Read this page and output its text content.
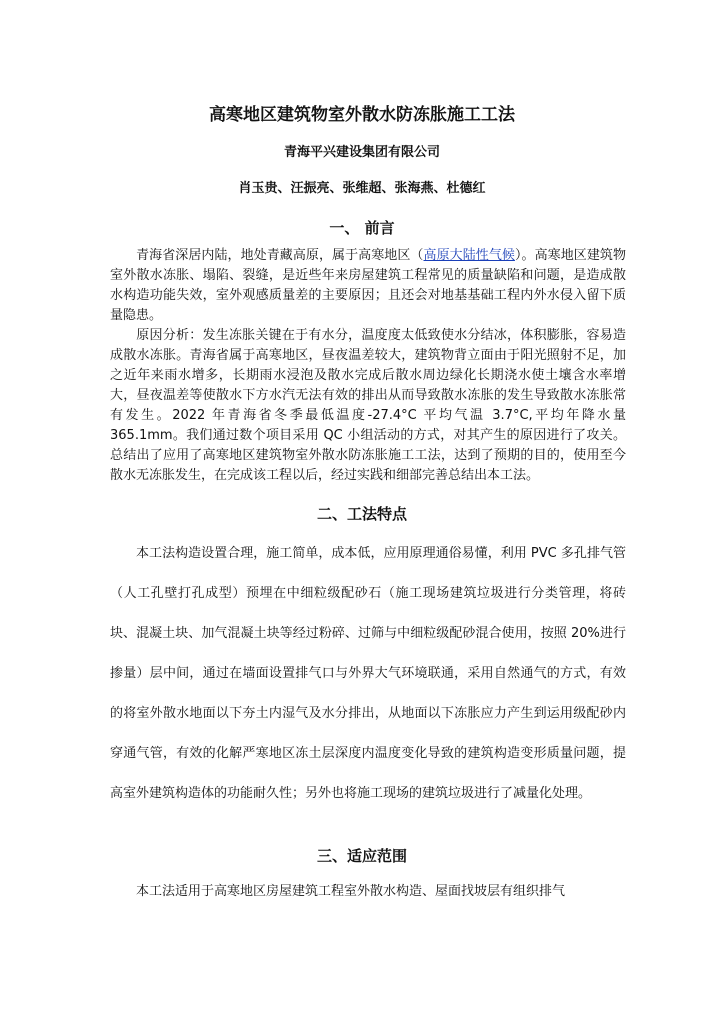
高寒地区建筑物室外散水防冻胀施工工法
青海平兴建设集团有限公司
肖玉贵、汪振亮、张维超、张海燕、杜德红
一、 前言

青海省深居内陆，地处青藏高原，属于高寒地区（高原大陆性气候）。高寒地区建筑物室外散水冻胀、塌陷、裂缝，是近些年来房屋建筑工程常见的质量缺陷和问题，是造成散水构造功能失效，室外观感质量差的主要原因；且还会对地基基础工程内外水侵入留下质量隐患。

原因分析：发生冻胀关键在于有水分，温度度太低致使水分结冰，体积膨胀，容易造成散水冻胀。青海省属于高寒地区，昼夜温差较大，建筑物背立面由于阳光照射不足，加之近年来雨水增多，长期雨水浸泡及散水完成后散水周边绿化长期浇水使土壤含水率增大，昼夜温差等使散水下方水汽无法有效的排出从而导致散水冻胀的发生导致散水冻胀常有发生。2022 年青海省冬季最低温度-27.4°C 平均气温 3.7°C,平均年降水量 365.1mm。我们通过数个项目采用 QC 小组活动的方式，对其产生的原因进行了攻关。总结出了应用了高寒地区建筑物室外散水防冻胀施工工法，达到了预期的目的，使用至今散水无冻胀发生，在完成该工程以后，经过实践和细部完善总结出本工法。

二、工法特点

本工法构造设置合理，施工简单，成本低，应用原理通俗易懂，利用 PVC 多孔排气管（人工孔壁打孔成型）预埋在中细粒级配砂石（施工现场建筑垃圾进行分类管理，将砖块、混凝土块、加气混凝土块等经过粉碎、过筛与中细粒级配砂混合使用，按照 20%进行掺量）层中间，通过在墙面设置排气口与外界大气环境联通，采用自然通气的方式，有效的将室外散水地面以下夯土内湿气及水分排出，从地面以下冻胀应力产生到运用级配砂内穿通气管，有效的化解严寒地区冻土层深度内温度变化导致的建筑构造变形质量问题，提高室外建筑构造体的功能耐久性；另外也将施工现场的建筑垃圾进行了减量化处理。

三、适应范围

本工法适用于高寒地区房屋建筑工程室外散水构造、屋面找坡层有组织排气
